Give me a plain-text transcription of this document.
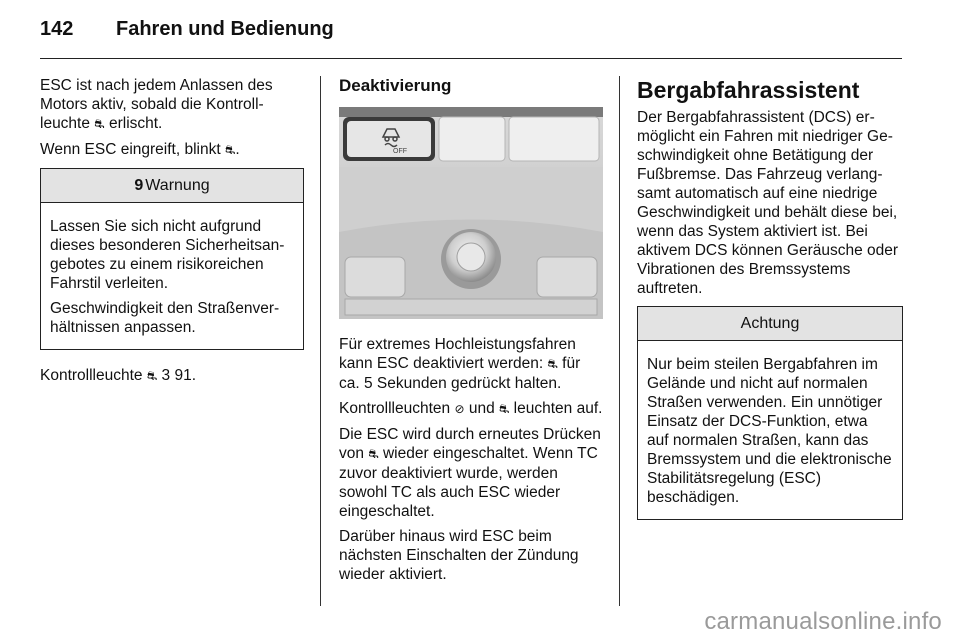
142	Fahren und Bedienung

ESC ist nach jedem Anlassen des Motors aktiv, sobald die Kontrollleuchte ⛐ erlischt.

Wenn ESC eingreift, blinkt ⛐.

9 Warnung

Lassen Sie sich nicht aufgrund dieses besonderen Sicherheitsangebotes zu einem risikoreichen Fahrstil verleiten.

Geschwindigkeit den Straßenverhältnissen anpassen.

Kontrollleuchte ⛐ 3 91.

Deaktivierung
OFF

Für extremes Hochleistungsfahren kann ESC deaktiviert werden: ⛐ für ca. 5 Sekunden gedrückt halten.

Kontrollleuchten ⊘ und ⛐ leuchten auf.

Die ESC wird durch erneutes Drücken von ⛐ wieder eingeschaltet. Wenn TC zuvor deaktiviert wurde, werden sowohl TC als auch ESC wieder eingeschaltet.

Darüber hinaus wird ESC beim nächsten Einschalten der Zündung wieder aktiviert.

Bergabfahrassistent

Der Bergabfahrassistent (DCS) ermöglicht ein Fahren mit niedriger Geschwindigkeit ohne Betätigung der Fußbremse. Das Fahrzeug verlangsamt automatisch auf eine niedrige Geschwindigkeit und behält diese bei, wenn das System aktiviert ist. Bei aktivem DCS können Geräusche oder Vibrationen des Bremssystems auftreten.

Achtung

Nur beim steilen Bergabfahren im Gelände und nicht auf normalen Straßen verwenden. Ein unnötiger Einsatz der DCS-Funktion, etwa auf normalen Straßen, kann das Bremssystem und die elektronische Stabilitätsregelung (ESC) beschädigen.

carmanualsonline.info
